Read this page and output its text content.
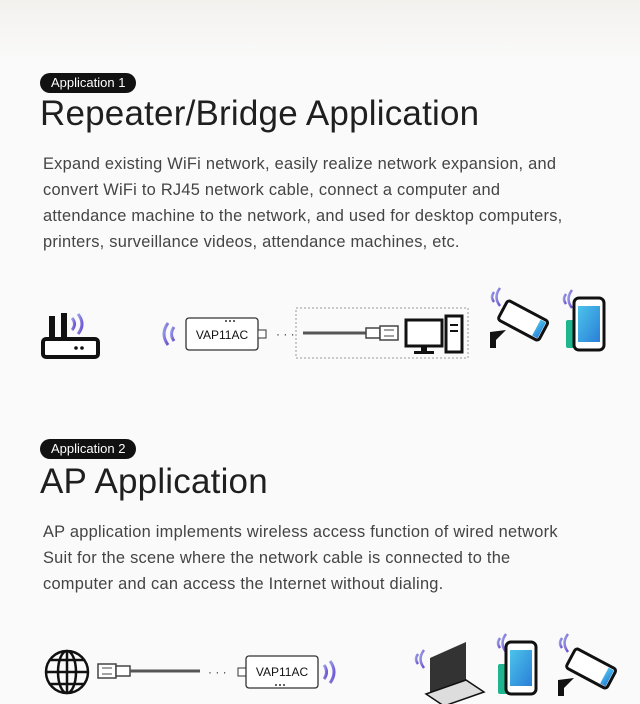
Application 1
Repeater/Bridge Application
Expand existing WiFi network, easily realize network expansion, and
convert WiFi to RJ45 network cable, connect a computer and
attendance machine to the network, and used for desktop computers,
printers, surveillance videos, attendance machines, etc.
VAP11AC · · ·
Application 2
AP Application
AP application implements wireless access function of wired network
Suit for the scene where the network cable is connected to the
computer and can access the Internet without dialing.
· · · VAP11AC
